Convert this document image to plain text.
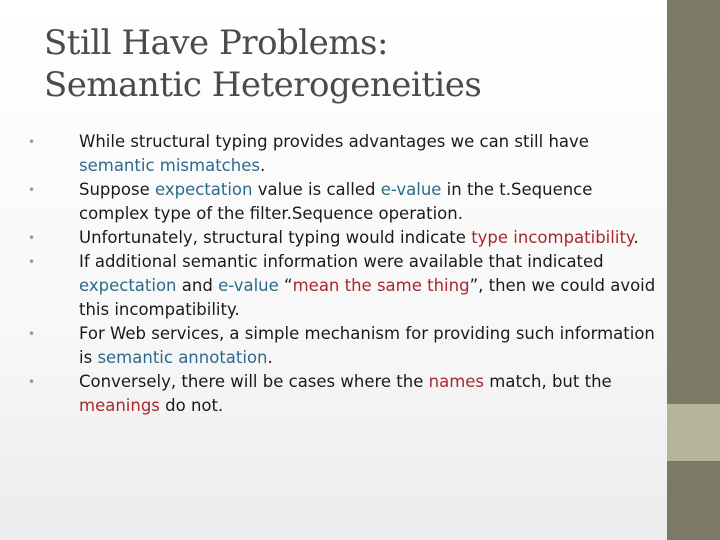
Still Have Problems:
Semantic Heterogeneities
•	While structural typing provides advantages we can still have semantic mismatches.
•	Suppose expectation value is called e-value in the t.Sequence complex type of the filter.Sequence operation.
•	Unfortunately, structural typing would indicate type incompatibility.
•	If additional semantic information were available that indicated expectation and e-value “mean the same thing”, then we could avoid this incompatibility.
•	For Web services, a simple mechanism for providing such information is semantic annotation.
•	Conversely, there will be cases where the names match, but the meanings do not.
